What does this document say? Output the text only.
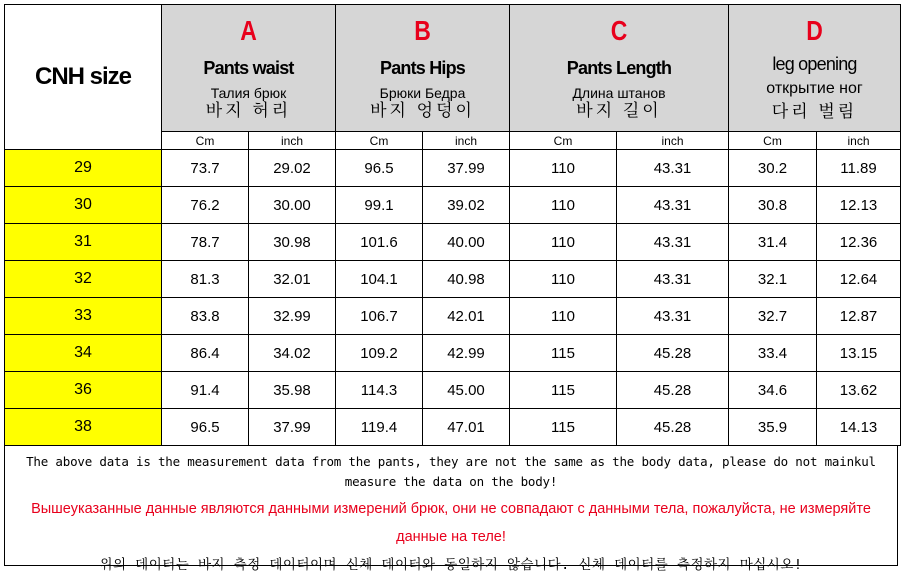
CNH size	A
Pants waist
Талия брюк
바지 허리		B
Pants Hips
Брюки Бедра
바지 엉덩이		C
Pants Length
Длина штанов
바지 길이		D
leg opening
открытие ног
다리 벌림	

	Cm	inch	Cm	inch	Cm	inch	Cm	inch
29	73.7	29.02	96.5	37.99	110	43.31	30.2	11.89
30	76.2	30.00	99.1	39.02	110	43.31	30.8	12.13
31	78.7	30.98	101.6	40.00	110	43.31	31.4	12.36
32	81.3	32.01	104.1	40.98	110	43.31	32.1	12.64
33	83.8	32.99	106.7	42.01	110	43.31	32.7	12.87
34	86.4	34.02	109.2	42.99	115	45.28	33.4	13.15
36	91.4	35.98	114.3	45.00	115	45.28	34.6	13.62
38	96.5	37.99	119.4	47.01	115	45.28	35.9	14.13
The above data is the measurement data from the pants, they are not the same as the body data, please do not mainkul measure the data on the body!
Вышеуказанные данные являются данными измерений брюк, они не совпадают с данными тела, пожалуйста, не измеряйте данные на теле!
위의 데이터는 바지 측정 데이터이며 신체 데이터와 동일하지 않습니다. 신체 데이터를 측정하지 마십시오!
